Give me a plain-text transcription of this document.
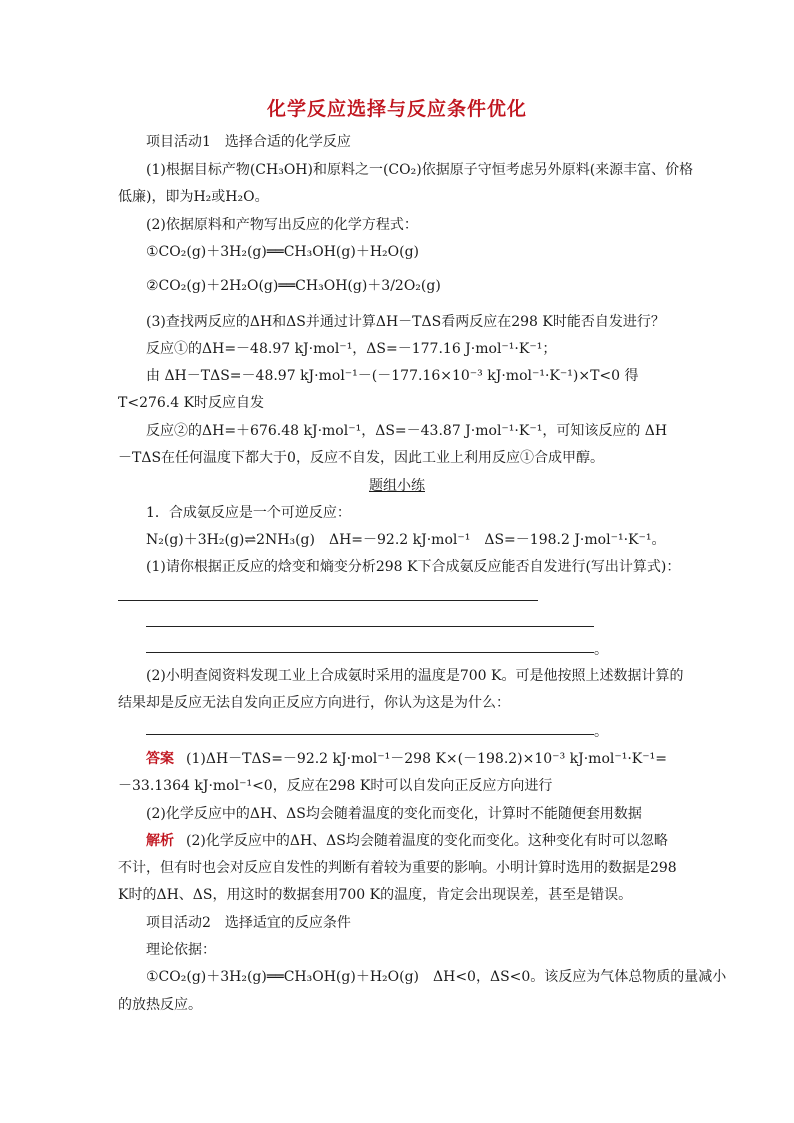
化学反应选择与反应条件优化
项目活动1　选择合适的化学反应
(1)根据目标产物(CH₃OH)和原料之一(CO₂)依据原子守恒考虑另外原料(来源丰富、价格
低廉)，即为H₂或H₂O。
(2)依据原料和产物写出反应的化学方程式：
①CO₂(g)＋3H₂(g)══CH₃OH(g)＋H₂O(g)
②CO₂(g)＋2H₂O(g)══CH₃OH(g)＋3/2O₂(g)
(3)查找两反应的ΔH和ΔS并通过计算ΔH－TΔS看两反应在298 K时能否自发进行？
反应①的ΔH=－48.97 kJ·mol⁻¹，ΔS=－177.16 J·mol⁻¹·K⁻¹；
由 ΔH－TΔS=－48.97 kJ·mol⁻¹－(－177.16×10⁻³ kJ·mol⁻¹·K⁻¹)×T<0 得
T<276.4 K时反应自发
反应②的ΔH=＋676.48 kJ·mol⁻¹，ΔS=－43.87 J·mol⁻¹·K⁻¹，可知该反应的 ΔH
－TΔS在任何温度下都大于0，反应不自发，因此工业上利用反应①合成甲醇。
题组小练
1．合成氨反应是一个可逆反应：
N₂(g)＋3H₂(g)⇌2NH₃(g)　ΔH=－92.2 kJ·mol⁻¹　ΔS=－198.2 J·mol⁻¹·K⁻¹。
(1)请你根据正反应的焓变和熵变分析298 K下合成氨反应能否自发进行(写出计算式)：
。
(2)小明查阅资料发现工业上合成氨时采用的温度是700 K。可是他按照上述数据计算的
结果却是反应无法自发向正反应方向进行，你认为这是为什么：
。
答案 (1)ΔH－TΔS=－92.2 kJ·mol⁻¹－298 K×(－198.2)×10⁻³ kJ·mol⁻¹·K⁻¹=
－33.1364 kJ·mol⁻¹<0，反应在298 K时可以自发向正反应方向进行
(2)化学反应中的ΔH、ΔS均会随着温度的变化而变化，计算时不能随便套用数据
解析 (2)化学反应中的ΔH、ΔS均会随着温度的变化而变化。这种变化有时可以忽略
不计，但有时也会对反应自发性的判断有着较为重要的影响。小明计算时选用的数据是298
K时的ΔH、ΔS，用这时的数据套用700 K的温度，肯定会出现误差，甚至是错误。
项目活动2　选择适宜的反应条件
理论依据：
①CO₂(g)＋3H₂(g)══CH₃OH(g)＋H₂O(g)　ΔH<0，ΔS<0。该反应为气体总物质的量减小
的放热反应。
